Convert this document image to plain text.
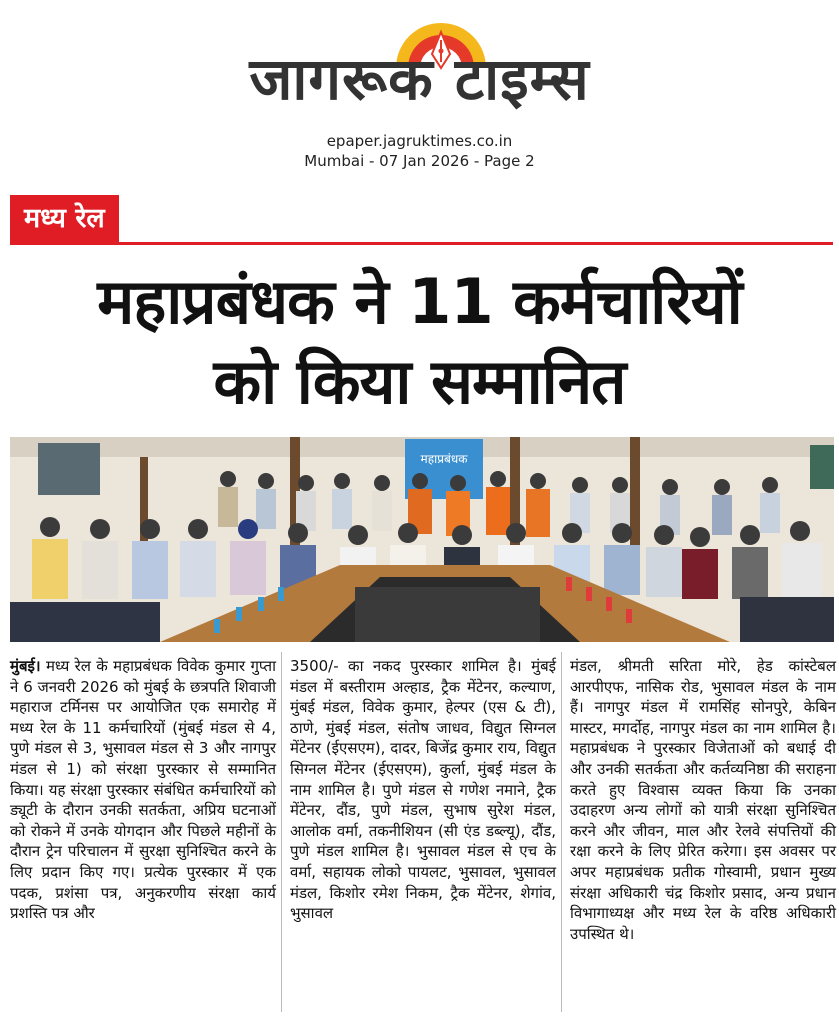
जागरूक टाइम्स
epaper.jagruktimes.co.in
Mumbai - 07 Jan 2026 - Page 2
मध्य रेल
महाप्रबंधक ने 11 कर्मचारियों
को किया सम्मानित
महाप्रबंधक
मुंबई। मध्य रेल के महाप्रबंधक विवेक कुमार गुप्ता ने 6 जनवरी 2026 को मुंबई के छत्रपति शिवाजी महाराज टर्मिनस पर आयोजित एक समारोह में मध्य रेल के 11 कर्मचारियों (मुंबई मंडल से 4, पुणे मंडल से 3, भुसावल मंडल से 3 और नागपुर मंडल से 1) को संरक्षा पुरस्कार से सम्मानित किया। यह संरक्षा पुरस्कार संबंधित कर्मचारियों को ड्यूटी के दौरान उनकी सतर्कता, अप्रिय घटनाओं को रोकने में उनके योगदान और पिछले महीनों के दौरान ट्रेन परिचालन में सुरक्षा सुनिश्चित करने के लिए प्रदान किए गए। प्रत्येक पुरस्कार में एक पदक, प्रशंसा पत्र, अनुकरणीय संरक्षा कार्य प्रशस्ति पत्र और
3500/- का नकद पुरस्कार शामिल है। मुंबई मंडल में बस्तीराम अल्हाड, ट्रैक मेंटेनर, कल्याण, मुंबई मंडल, विवेक कुमार, हेल्पर (एस & टी), ठाणे, मुंबई मंडल, संतोष जाधव, विद्युत सिग्नल मेंटेनर (ईएसएम), दादर, बिजेंद्र कुमार राय, विद्युत सिग्नल मेंटेनर (ईएसएम), कुर्ला, मुंबई मंडल के नाम शामिल है। पुणे मंडल से गणेश नमाने, ट्रैक मेंटेनर, दौंड, पुणे मंडल, सुभाष सुरेश मंडल, आलोक वर्मा, तकनीशियन (सी एंड डब्ल्यू), दौंड, पुणे मंडल शामिल है। भुसावल मंडल से एच के वर्मा, सहायक लोको पायलट, भुसावल, भुसावल मंडल, किशोर रमेश निकम, ट्रैक मेंटेनर, शेगांव, भुसावल
मंडल, श्रीमती सरिता मोरे, हेड कांस्टेबल आरपीएफ, नासिक रोड, भुसावल मंडल के नाम हैं। नागपुर मंडल में रामसिंह सोनपुरे, केबिन मास्टर, मगर्दोह, नागपुर मंडल का नाम शामिल है। महाप्रबंधक ने पुरस्कार विजेताओं को बधाई दी और उनकी सतर्कता और कर्तव्यनिष्ठा की सराहना करते हुए विश्वास व्यक्त किया कि उनका उदाहरण अन्य लोगों को यात्री संरक्षा सुनिश्चित करने और जीवन, माल और रेलवे संपत्तियों की रक्षा करने के लिए प्रेरित करेगा। इस अवसर पर अपर महाप्रबंधक प्रतीक गोस्वामी, प्रधान मुख्य संरक्षा अधिकारी चंद्र किशोर प्रसाद, अन्य प्रधान विभागाध्यक्ष और मध्य रेल के वरिष्ठ अधिकारी उपस्थित थे।
